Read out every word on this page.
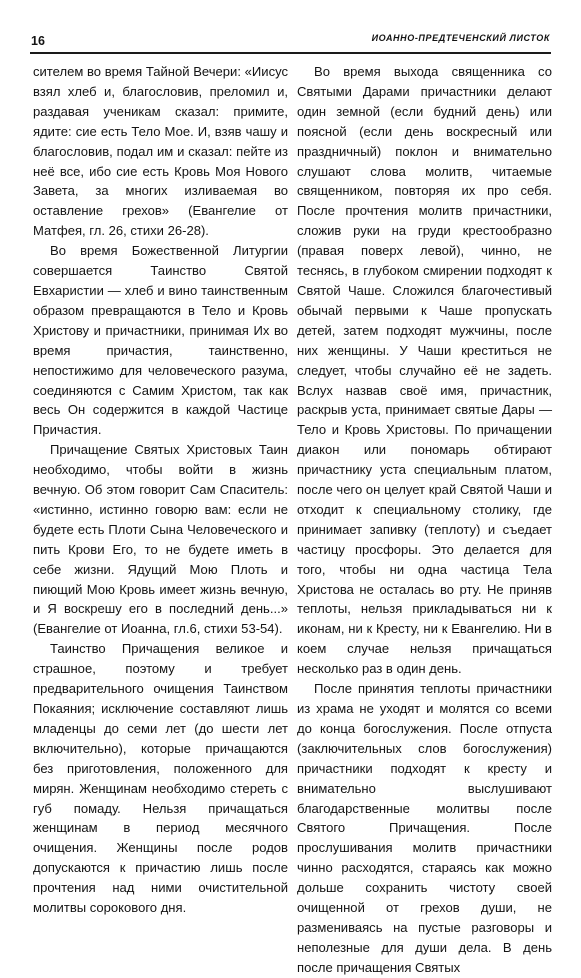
16	ИОАННО-ПРЕДТЕЧЕНСКИЙ ЛИСТОК

сителем во время Тайной Вечери: «Иисус взял хлеб и, благословив, преломил и, раздавая ученикам сказал: примите, ядите: сие есть Тело Мое. И, взяв чашу и благословив, подал им и сказал: пейте из неё все, ибо сие есть Кровь Моя Нового Завета, за многих изливаемая во оставление грехов» (Евангелие от Матфея, гл. 26, стихи 26-28).

Во время Божественной Литургии совершается Таинство Святой Евхаристии — хлеб и вино таинственным образом превращаются в Тело и Кровь Христову и причастники, принимая Их во время причастия, таинственно, непостижимо для человеческого разума, соединяются с Самим Христом, так как весь Он содержится в каждой Частице Причастия.

Причащение Святых Христовых Таин необходимо, чтобы войти в жизнь вечную. Об этом говорит Сам Спаситель: «истинно, истинно говорю вам: если не будете есть Плоти Сына Человеческого и пить Крови Его, то не будете иметь в себе жизни. Ядущий Мою Плоть и пиющий Мою Кровь имеет жизнь вечную, и Я воскрешу его в последний день...» (Евангелие от Иоанна, гл.6, стихи 53-54).

Таинство Причащения великое и страшное, поэтому и требует предварительного очищения Таинством Покаяния; исключение составляют лишь младенцы до семи лет (до шести лет включительно), которые причащаются без приготовления, положенного для мирян. Женщинам необходимо стереть с губ помаду. Нельзя причащаться женщинам в период месячного очищения. Женщины после родов допускаются к причастию лишь после прочтения над ними очистительной молитвы сорокового дня.

Во время выхода священника со Святыми Дарами причастники делают один земной (если будний день) или поясной (если день воскресный или праздничный) поклон и внимательно слушают слова молитв, читаемые священником, повторяя их про себя. После прочтения молитв причастники, сложив руки на груди крестообразно (правая поверх левой), чинно, не теснясь, в глубоком смирении подходят к Святой Чаше. Сложился благочестивый обычай первыми к Чаше пропускать детей, затем подходят мужчины, после них женщины. У Чаши креститься не следует, чтобы случайно её не задеть. Вслух назвав своё имя, причастник, раскрыв уста, принимает святые Дары — Тело и Кровь Христовы. По причащении диакон или пономарь обтирают причастнику уста специальным платом, после чего он целует край Святой Чаши и отходит к специальному столику, где принимает запивку (теплоту) и съедает частицу просфоры. Это делается для того, чтобы ни одна частица Тела Христова не осталась во рту. Не приняв теплоты, нельзя прикладываться ни к иконам, ни к Кресту, ни к Евангелию. Ни в коем случае нельзя причащаться несколько раз в один день.

После принятия теплоты причастники из храма не уходят и молятся со всеми до конца богослужения. После отпуста (заключительных слов богослужения) причастники подходят к кресту и внимательно выслушивают благодарственные молитвы после Святого Причащения. После прослушивания молитв причастники чинно расходятся, стараясь как можно дольше сохранить чистоту своей очищенной от грехов души, не размениваясь на пустые разговоры и неполезные для души дела. В день после причащения Святых
